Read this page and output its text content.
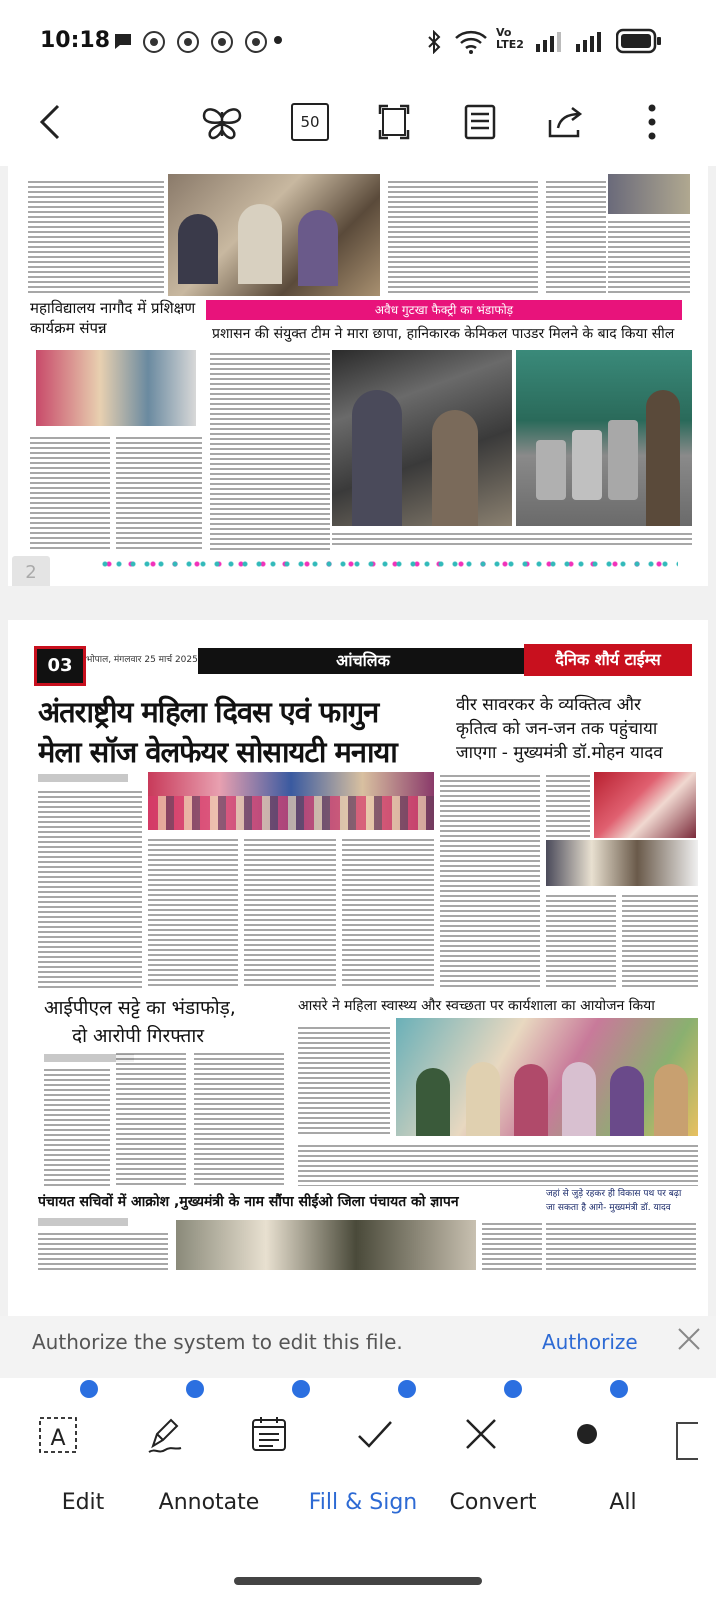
10:18	Vo LTE2
50
महाविद्यालय नागौद में प्रशिक्षण कार्यक्रम संपन्न
अवैध गुटखा फैक्ट्री का भंडाफोड़
प्रशासन की संयुक्त टीम ने मारा छापा, हानिकारक केमिकल पाउडर मिलने के बाद किया सील
2
03	भोपाल, मंगलवार 25 मार्च 2025	आंचलिक	दैनिक शौर्य टाईम्स
अंतराष्ट्रीय महिला दिवस एवं फागुन
मेला सॉज वेलफेयर सोसायटी मनाया
वीर सावरकर के व्यक्तित्व और
कृतित्व को जन-जन तक पहुंचाया
जाएगा - मुख्यमंत्री डॉ.मोहन यादव
आईपीएल सट्टे का भंडाफोड़,
दो आरोपी गिरफ्तार
आसरे ने महिला स्वास्थ्य और स्वच्छता पर कार्यशाला का आयोजन किया
पंचायत सचिवों में आक्रोश ,मुख्यमंत्री के नाम सौंपा सीईओ जिला पंचायत को ज्ञापन	जहां से जुड़े रहकर ही विकास पथ पर बढ़ा
जा सकता है आगे- मुख्यमंत्री डॉ. यादव
Authorize the system to edit this file.	Authorize
A
Edit	Annotate	Fill & Sign	Convert	All
